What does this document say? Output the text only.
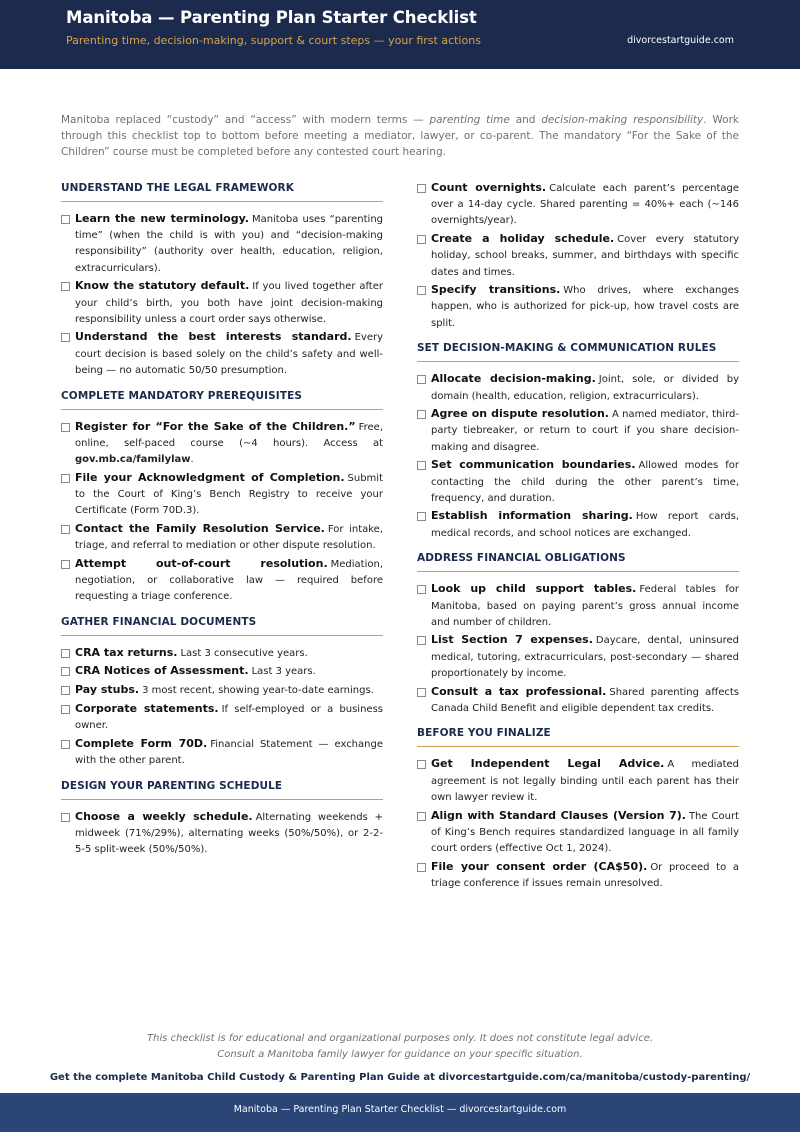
Manitoba — Parenting Plan Starter Checklist
Parenting time, decision-making, support & court steps — your first actions	divorcestartguide.com
Manitoba replaced “custody” and “access” with modern terms — parenting time and decision-making responsibility. Work through this checklist top to bottom before meeting a mediator, lawyer, or co-parent. The mandatory “For the Sake of the Children” course must be completed before any contested court hearing.
UNDERSTAND THE LEGAL FRAMEWORK
Learn the new terminology. Manitoba uses “parenting time” (when the child is with you) and “decision-making responsibility” (authority over health, education, religion, extracurriculars).
Know the statutory default. If you lived together after your child’s birth, you both have joint decision-making responsibility unless a court order says otherwise.
Understand the best interests standard. Every court decision is based solely on the child’s safety and well-being — no automatic 50/50 presumption.
COMPLETE MANDATORY PREREQUISITES
Register for “For the Sake of the Children.” Free, online, self-paced course (∼4 hours). Access at gov.mb.ca/familylaw.
File your Acknowledgment of Completion. Submit to the Court of King’s Bench Registry to receive your Certificate (Form 70D.3).
Contact the Family Resolution Service. For intake, triage, and referral to mediation or other dispute resolution.
Attempt out-of-court resolution. Mediation, negotiation, or collaborative law — required before requesting a triage conference.
GATHER FINANCIAL DOCUMENTS
CRA tax returns. Last 3 consecutive years.
CRA Notices of Assessment. Last 3 years.
Pay stubs. 3 most recent, showing year-to-date earnings.
Corporate statements. If self-employed or a business owner.
Complete Form 70D. Financial Statement — exchange with the other parent.
DESIGN YOUR PARENTING SCHEDULE
Choose a weekly schedule. Alternating weekends + midweek (71%/29%), alternating weeks (50%/50%), or 2-2-5-5 split-week (50%/50%).
Count overnights. Calculate each parent’s percentage over a 14-day cycle. Shared parenting = 40%+ each (∼146 overnights/year).
Create a holiday schedule. Cover every statutory holiday, school breaks, summer, and birthdays with specific dates and times.
Specify transitions. Who drives, where exchanges happen, who is authorized for pick-up, how travel costs are split.
SET DECISION-MAKING & COMMUNICATION RULES
Allocate decision-making. Joint, sole, or divided by domain (health, education, religion, extracurriculars).
Agree on dispute resolution. A named mediator, third-party tiebreaker, or return to court if you share decision-making and disagree.
Set communication boundaries. Allowed modes for contacting the child during the other parent’s time, frequency, and duration.
Establish information sharing. How report cards, medical records, and school notices are exchanged.
ADDRESS FINANCIAL OBLIGATIONS
Look up child support tables. Federal tables for Manitoba, based on paying parent’s gross annual income and number of children.
List Section 7 expenses. Daycare, dental, uninsured medical, tutoring, extracurriculars, post-secondary — shared proportionately by income.
Consult a tax professional. Shared parenting affects Canada Child Benefit and eligible dependent tax credits.
BEFORE YOU FINALIZE
Get Independent Legal Advice. A mediated agreement is not legally binding until each parent has their own lawyer review it.
Align with Standard Clauses (Version 7). The Court of King’s Bench requires standardized language in all family court orders (effective Oct 1, 2024).
File your consent order (CA$50). Or proceed to a triage conference if issues remain unresolved.
This checklist is for educational and organizational purposes only. It does not constitute legal advice.
Consult a Manitoba family lawyer for guidance on your specific situation.
Get the complete Manitoba Child Custody & Parenting Plan Guide at divorcestartguide.com/ca/manitoba/custody-parenting/
Manitoba — Parenting Plan Starter Checklist — divorcestartguide.com
